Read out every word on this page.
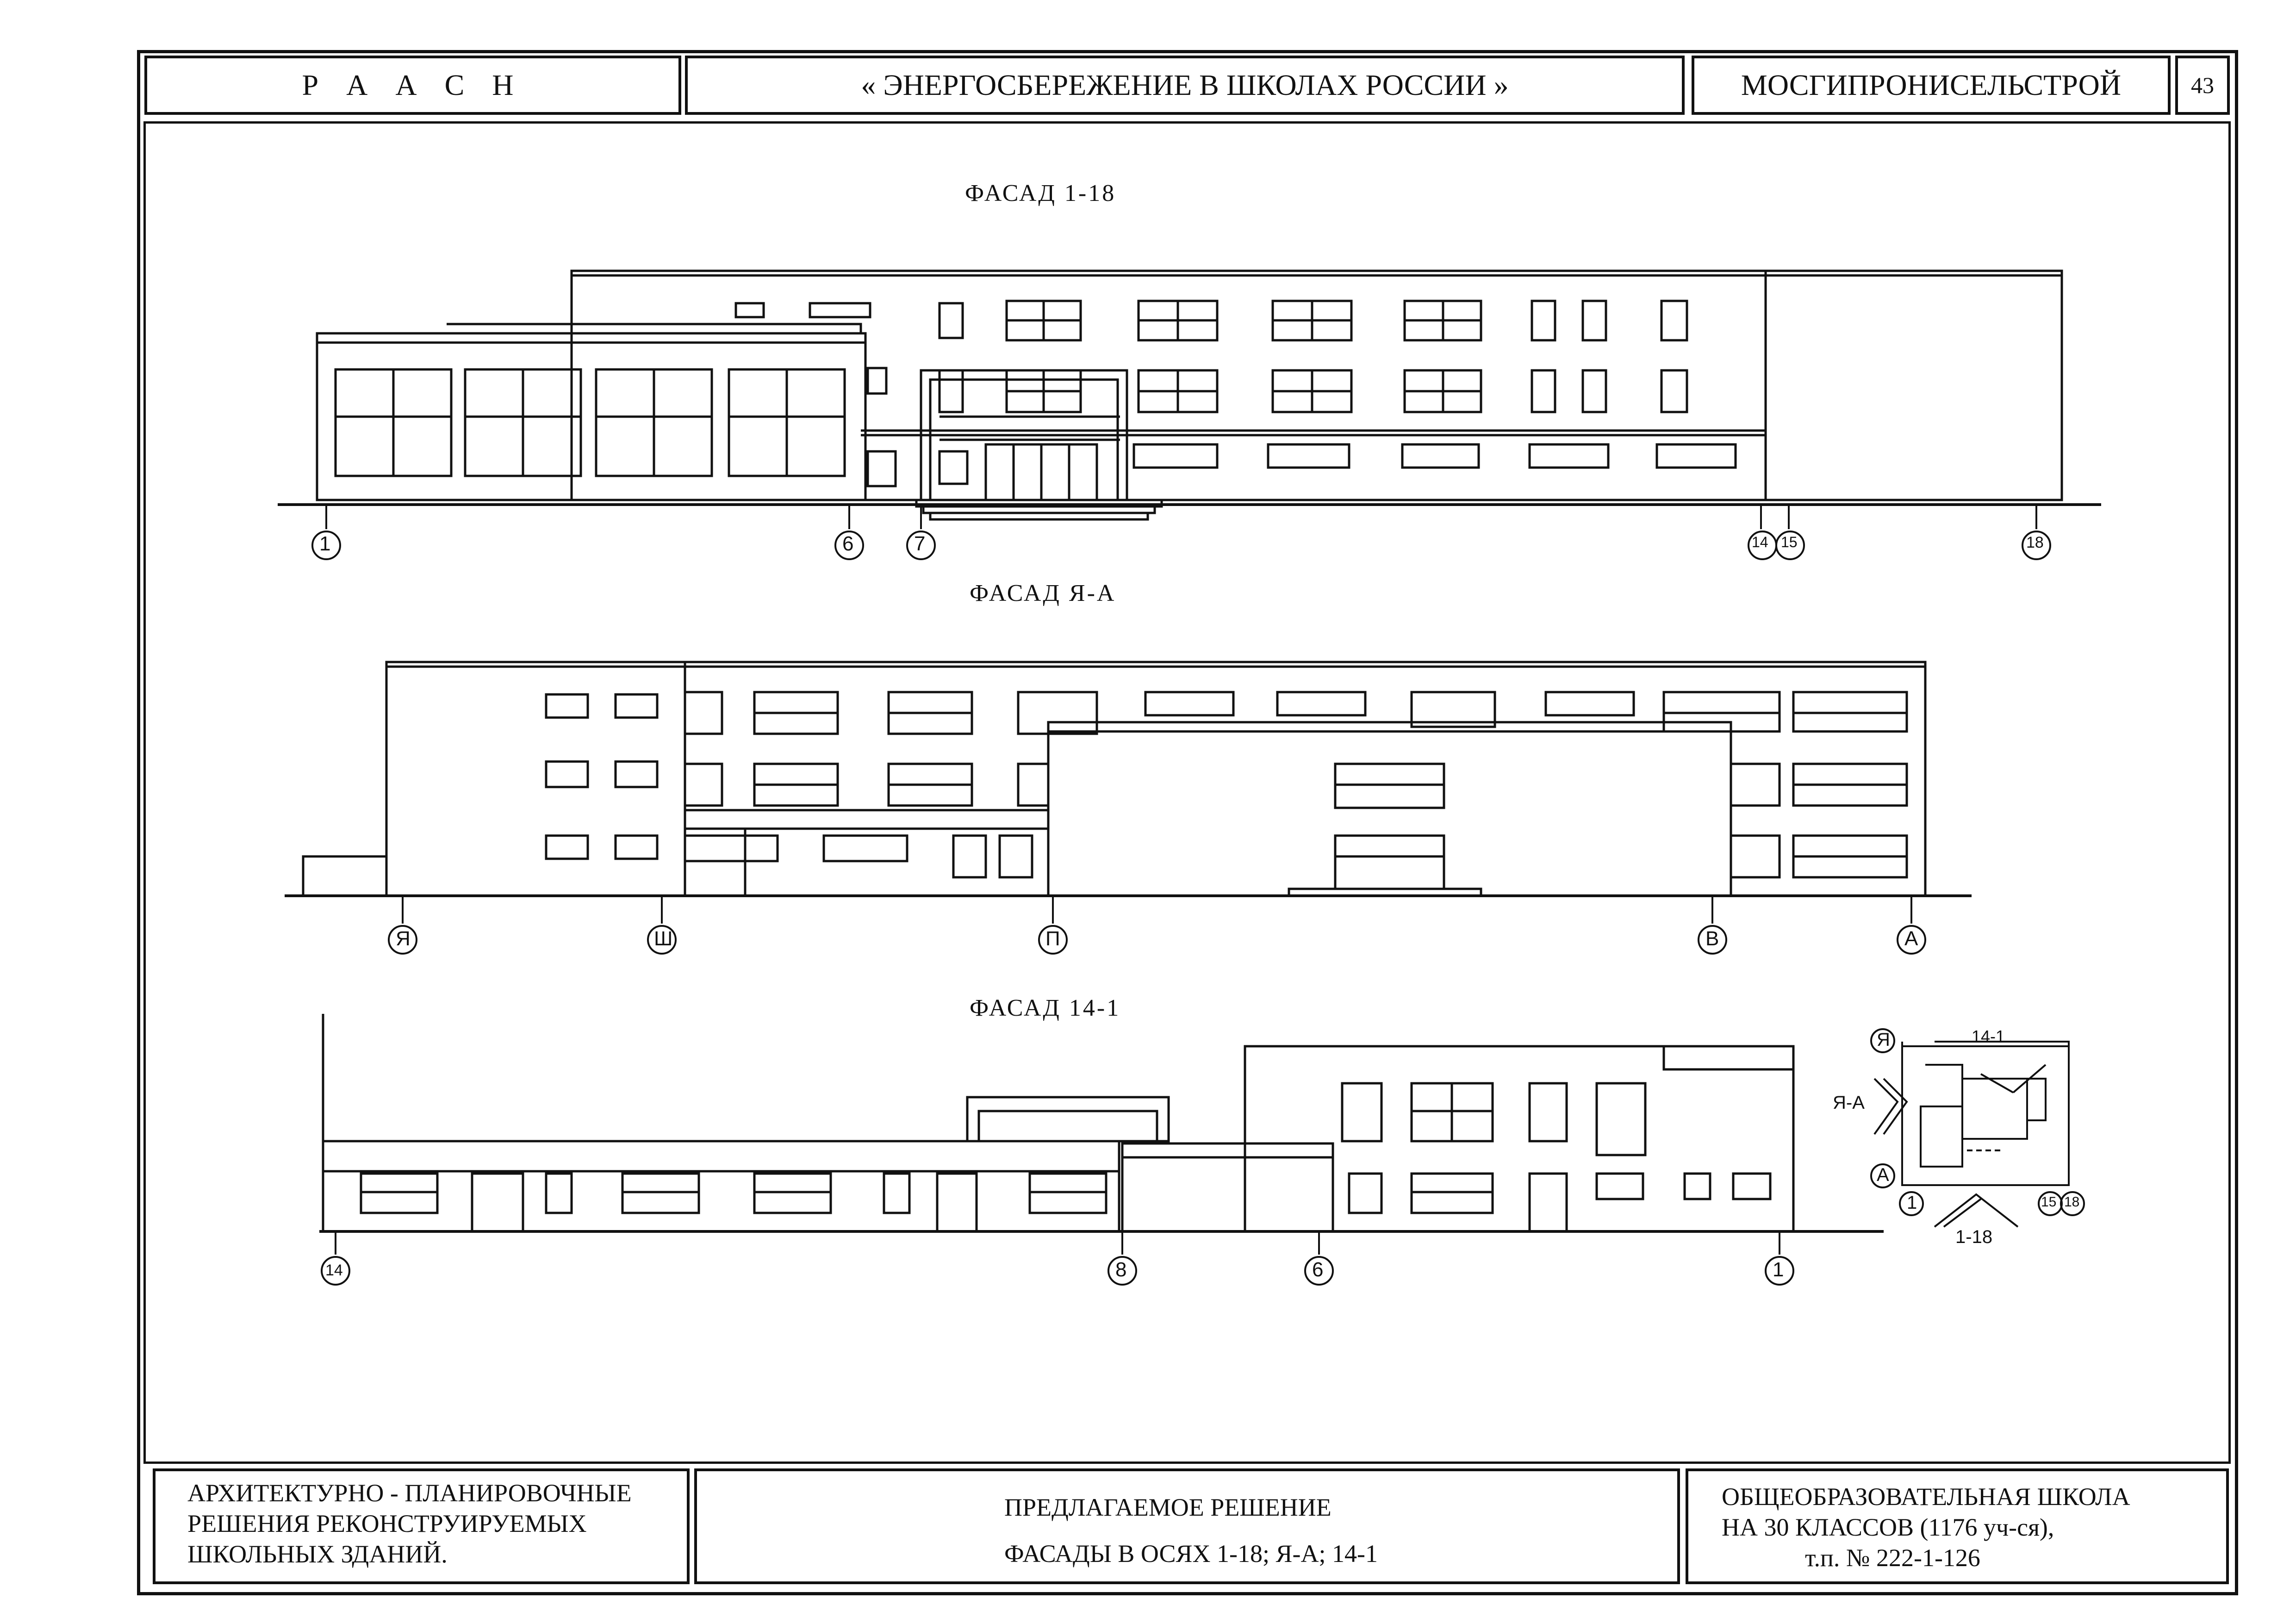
Р А А С Н	« ЭНЕРГОСБЕРЕЖЕНИЕ В ШКОЛАХ РОССИИ »	МОСГИПРОНИСЕЛЬСТРОЙ	43
АРХИТЕКТУРНО - ПЛАНИРОВОЧНЫЕ
РЕШЕНИЯ РЕКОНСТРУИРУЕМЫХ
ШКОЛЬНЫХ ЗДАНИЙ.
ПРЕДЛАГАЕМОЕ РЕШЕНИЕ
ФАСАДЫ В ОСЯХ 1-18; Я-А; 14-1
ОБЩЕОБРАЗОВАТЕЛЬНАЯ ШКОЛА
НА 30 КЛАССОВ (1176 уч-ся),
т.п. № 222-1-126
ФАСАД 1-18
ФАСАД Я-А
ФАСАД 14-1
1	6	7	14 15	18
Я	Ш	П	В	А
14	8	6	1
Я	14-1
Я-А
А
1	15 18
1-18
